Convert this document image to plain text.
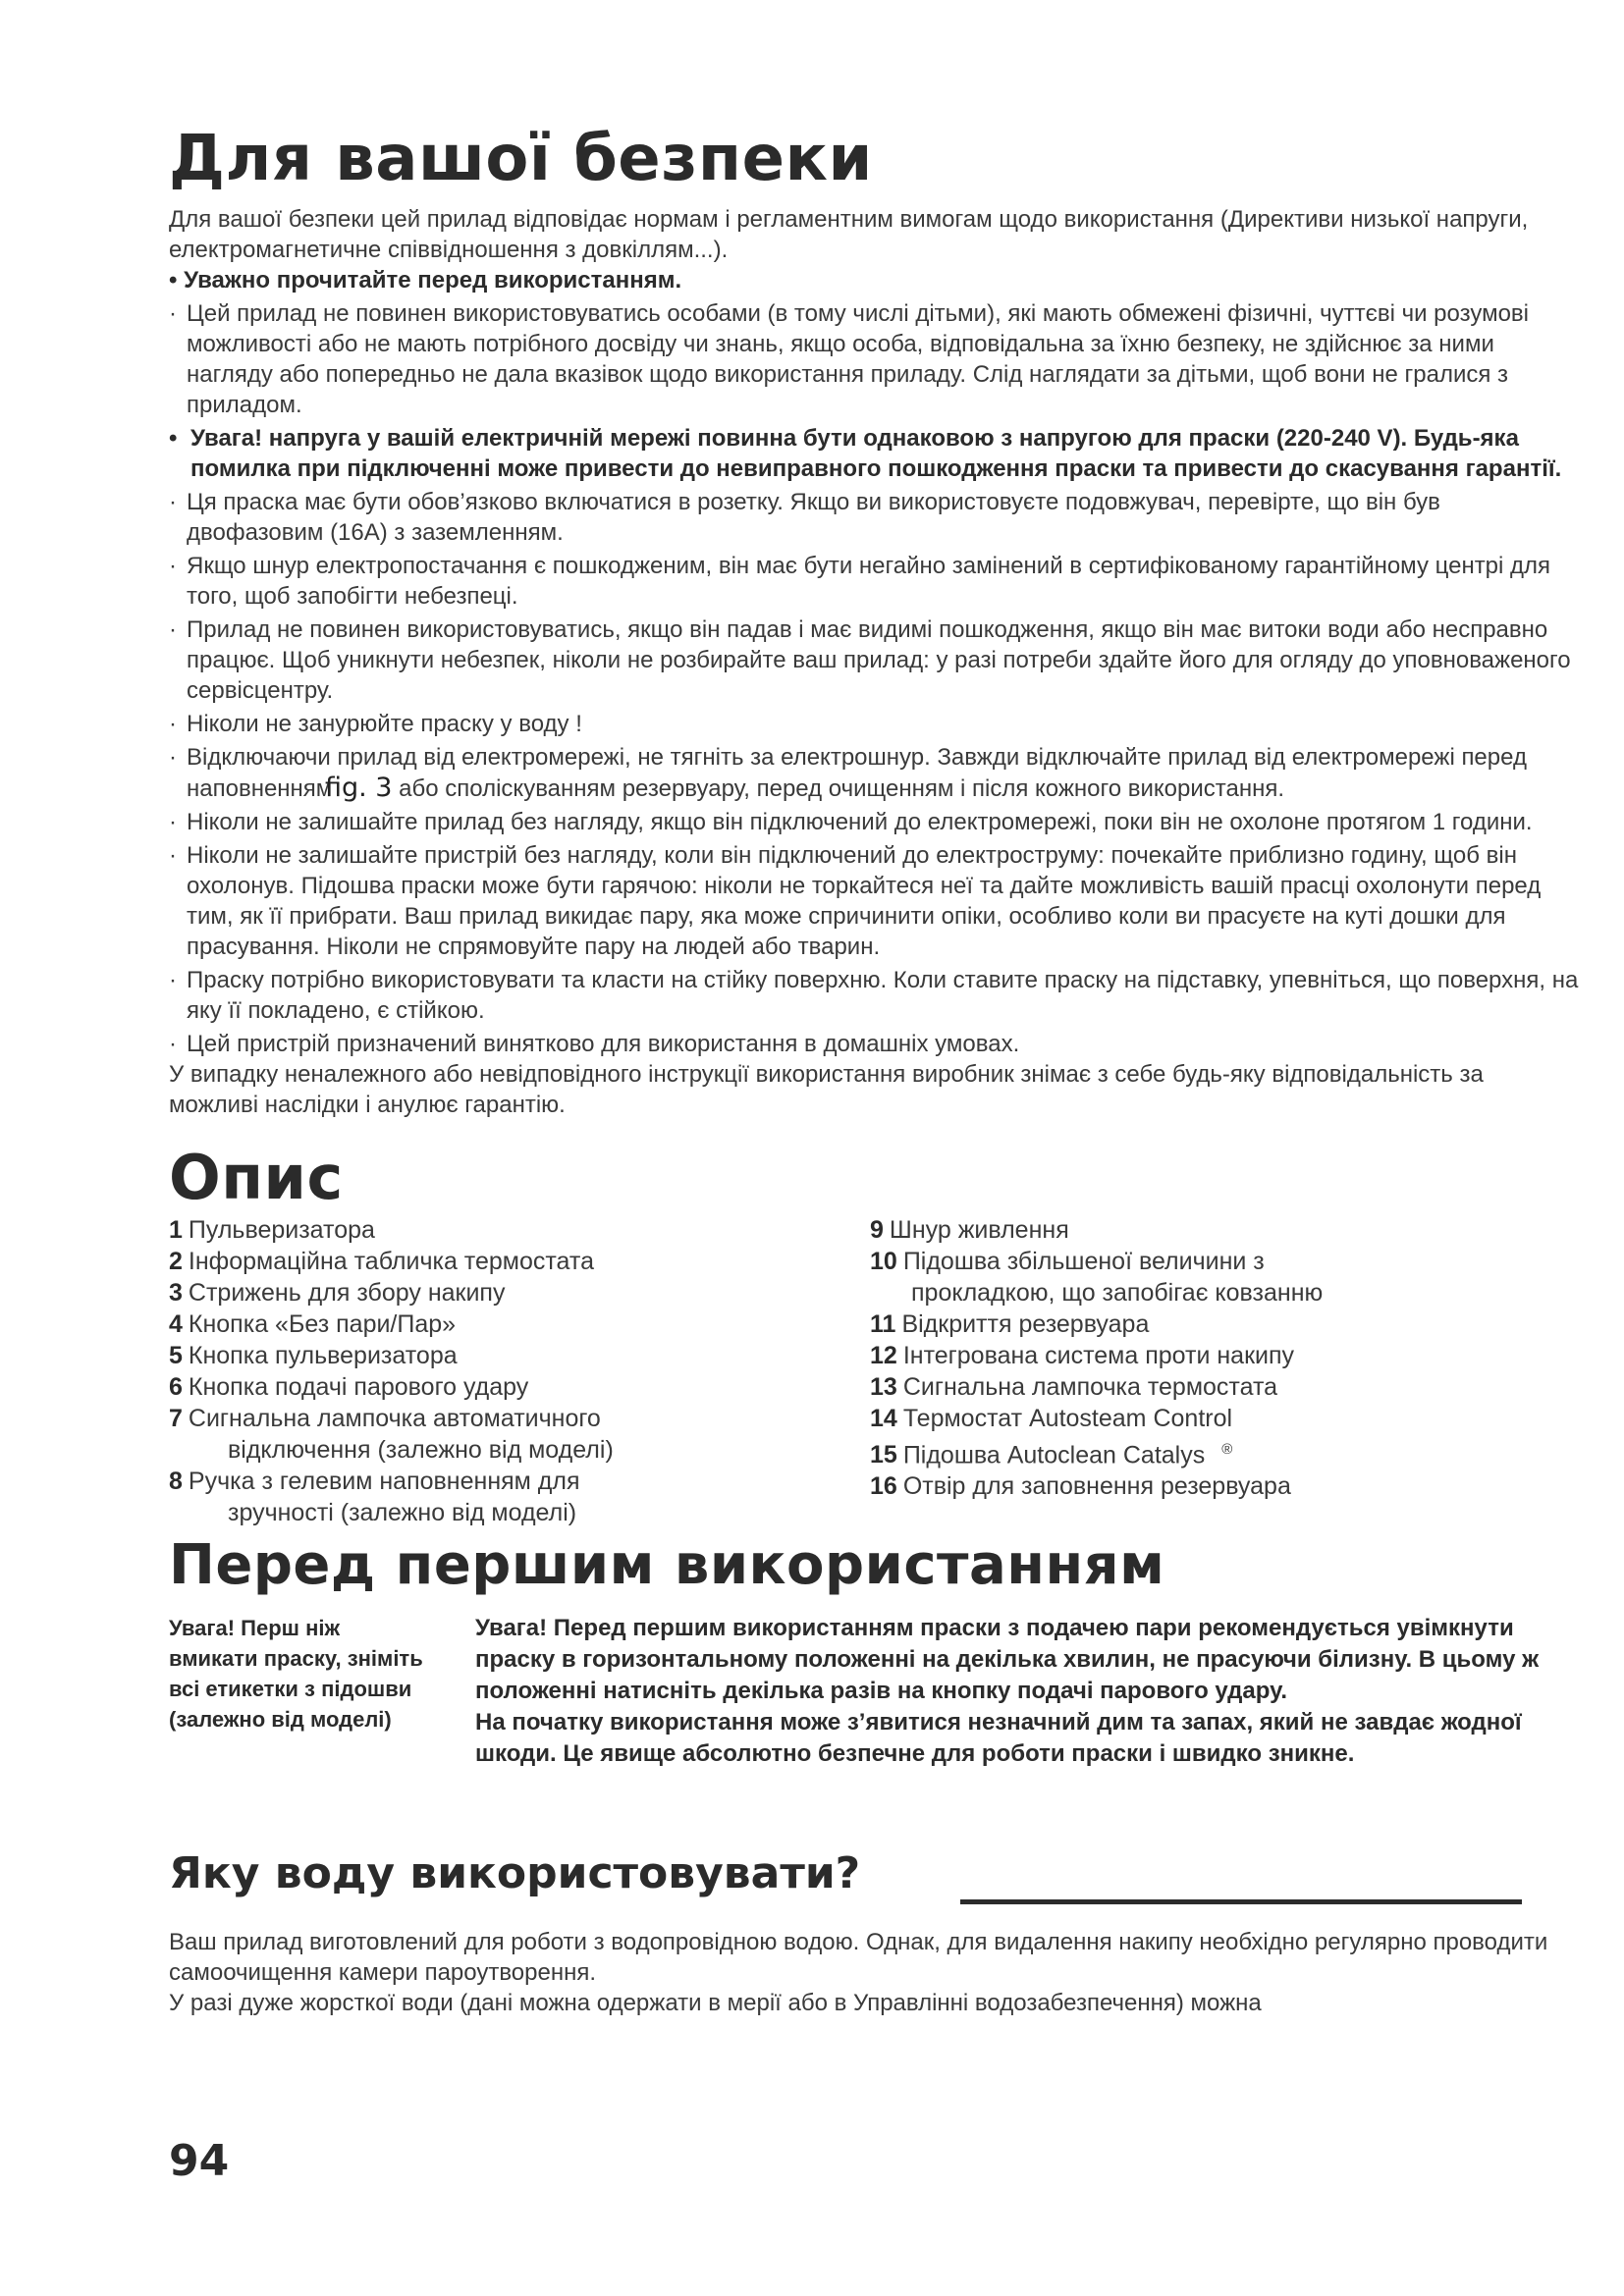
Для вашої безпеки

Для вашої безпеки цей прилад відповідає нормам і регламентним вимогам щодо використання (Директиви низької напруги, електромагнетичне співвідношення з довкіллям...).

• Уважно прочитайте перед використанням.

· Цей прилад не повинен використовуватись особами (в тому числі дітьми), які мають обмежені фізичні, чуттєві чи розумові можливості або не мають потрібного досвіду чи знань, якщо особа, відповідальна за їхню безпеку, не здійснює за ними нагляду або попередньо не дала вказівок щодо використання приладу. Слід наглядати за дітьми, щоб вони не гралися з приладом.
• Увага! напруга у вашій електричній мережі повинна бути однаковою з напругою для праски (220-240 V). Будь-яка помилка при підключенні може привести до невиправного пошкодження праски та привести до скасування гарантії.
· Ця праска має бути обов’язково включатися в розетку. Якщо ви використовуєте подовжувач, перевірте, що він був двофазовим (16А) з заземленням.
· Якщо шнур електропостачання є пошкодженим, він має бути негайно замінений в сертифікованому гарантійному центрі для того, щоб запобігти небезпеці.
· Прилад не повинен використовуватись, якщо він падав і має видимі пошкодження, якщо він має витоки води або несправно працює. Щоб уникнути небезпек, ніколи не розбирайте ваш прилад: у разі потреби здайте його для огляду до уповноваженого сервісцентру.
· Ніколи не занурюйте праску у воду !
· Відключаючи прилад від електромережі, не тягніть за електрошнур. Завжди відключайте прилад від електромережі перед наповненням fig. 3 або споліскуванням резервуару, перед очищенням і після кожного використання.
· Ніколи не залишайте прилад без нагляду, якщо він підключений до електромережі, поки він не охолоне протягом 1 години.
· Ніколи не залишайте пристрій без нагляду, коли він підключений до електроструму: почекайте приблизно годину, щоб він охолонув. Підошва праски може бути гарячою: ніколи не торкайтеся неї та дайте можливість вашій прасці охолонути перед тим, як її прибрати. Ваш прилад викидає пару, яка може спричинити опіки, особливо коли ви прасуєте на куті дошки для прасування. Ніколи не спрямовуйте пару на людей або тварин.
· Праску потрібно використовувати та класти на стійку поверхню. Коли ставите праску на підставку, упевніться, що поверхня, на яку її покладено, є стійкою.
· Цей пристрій призначений винятково для використання в домашніх умовах.

У випадку неналежного або невідповідного інструкції використання виробник знімає з себе будь-яку відповідальність за можливі наслідки і анулює гарантію.

Опис
1 Пульверизатора
2 Інформаційна табличка термостата
3 Стрижень для збору накипу
4 Кнопка «Без пари/Пар»
5 Кнопка пульверизатора
6 Кнопка подачі парового удару
7 Сигнальна лампочка автоматичного
відключення (залежно від моделі)
8 Ручка з гелевим наповненням для
зручності (залежно від моделі)
9 Шнур живлення
10 Підошва збільшеної величини з
прокладкою, що запобігає ковзанню
11 Відкриття резервуара
12 Інтегрована система проти накипу
13 Сигнальна лампочка термостата
14 Термостат Autosteam Control
15 Підошва Autoclean Catalys ®
16 Отвір для заповнення резервуара
Перед першим використанням
Увага! Перш ніж вмикати праску, зніміть всі етикетки з підошви (залежно від моделі)

Увага! Перед першим використанням праски з подачею пари рекомендується увімкнути праску в горизонтальному положенні на декілька хвилин, не прасуючи білизну. В цьому ж положенні натисніть декілька разів на кнопку подачі парового удару.

На початку використання може з’явитися незначний дим та запах, який не завдає жодної шкоди. Це явище абсолютно безпечне для роботи праски і швидко зникне.

Яку воду використовувати?

Ваш прилад виготовлений для роботи з водопровідною водою. Однак, для видалення накипу необхідно регулярно проводити самоочищення камери пароутворення.

У разі дуже жорсткої води (дані можна одержати в мерії або в Управлінні водозабезпечення) можна

94
